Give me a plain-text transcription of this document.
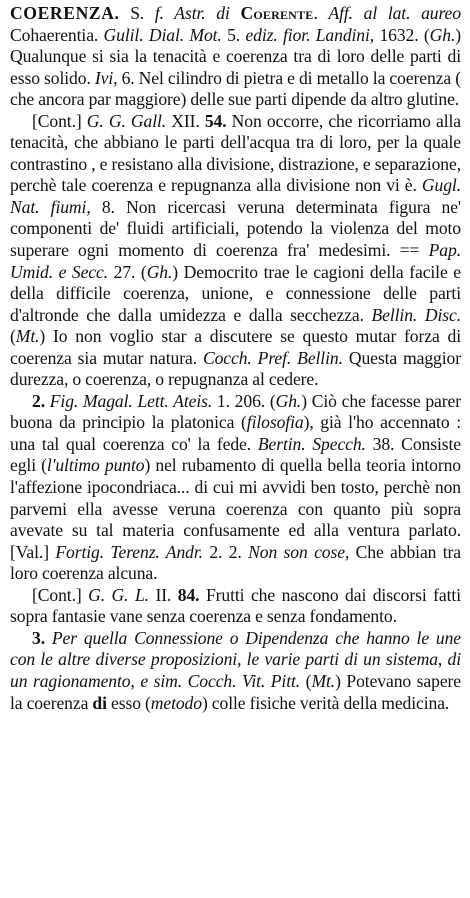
COERENZA. S. f. Astr. di Coerente. Aff. al lat. aureo Cohaerentia. Gulil. Dial. Mot. 5. ediz. fior. Landini, 1632. (Gh.) Qualunque si sia la tenacità e coerenza tra di loro delle parti di esso solido. Ivi, 6. Nel cilindro di pietra e di metallo la coerenza ( che ancora par maggiore) delle sue parti dipende da altro glutine.

[Cont.] G. G. Gall. XII. 54. Non occorre, che ricorriamo alla tenacità, che abbiano le parti dell'acqua tra di loro, per la quale contrastino , e resistano alla divisione, distrazione, e separazione, perchè tale coerenza e repugnanza alla divisione non vi è. Gugl. Nat. fiumi, 8. Non ricercasi veruna determinata figura ne' componenti de' fluidi artificiali, potendo la violenza del moto superare ogni momento di coerenza fra' medesimi. == Pap. Umid. e Secc. 27. (Gh.) Democrito trae le cagioni della facile e della difficile coerenza, unione, e connessione delle parti d'altronde che dalla umidezza e dalla secchezza. Bellin. Disc. (Mt.) Io non voglio star a discutere se questo mutar forza di coerenza sia mutar natura. Cocch. Pref. Bellin. Questa maggior durezza, o coerenza, o repugnanza al cedere.

2. Fig. Magal. Lett. Ateis. 1. 206. (Gh.) Ciò che facesse parer buona da principio la platonica (filosofia), già l'ho accennato : una tal qual coerenza co' la fede. Bertin. Specch. 38. Consiste egli (l'ultimo punto) nel rubamento di quella bella teoria intorno l'affezione ipocondriaca... di cui mi avvidi ben tosto, perchè non parvemi ella avesse veruna coerenza con quanto più sopra avevate su tal materia confusamente ed alla ventura parlato. [Val.] Fortig. Terenz. Andr. 2. 2. Non son cose, Che abbian tra loro coerenza alcuna.

[Cont.] G. G. L. II. 84. Frutti che nascono dai discorsi fatti sopra fantasie vane senza coerenza e senza fondamento.

3. Per quella Connessione o Dipendenza che hanno le une con le altre diverse proposizioni, le varie parti di un sistema, di un ragionamento, e sim. Cocch. Vit. Pitt. (Mt.) Potevano sapere la coerenza di esso (metodo) colle fisiche verità della medicina.
